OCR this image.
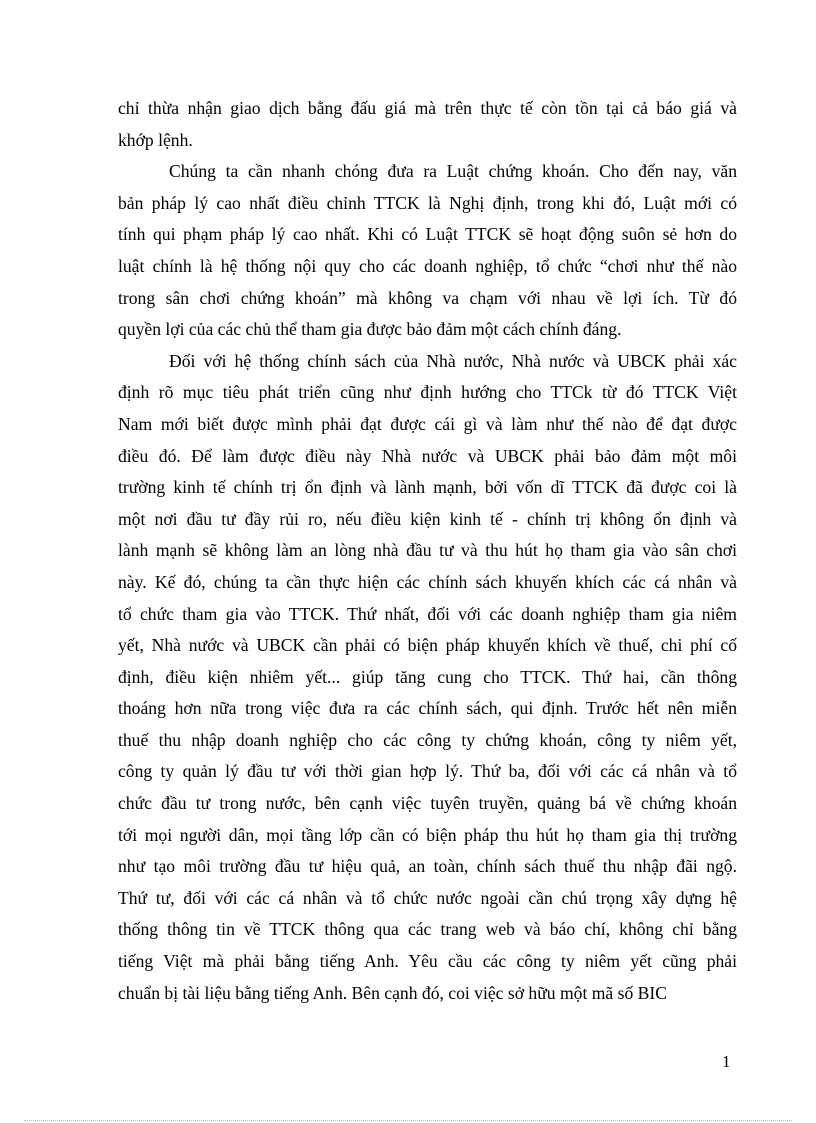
chỉ thừa nhận giao dịch bằng đấu giá mà trên thực tế còn tồn tại cả báo giá và
khớp lệnh.
Chúng ta cần nhanh chóng đưa ra Luật chứng khoán. Cho đến nay, văn
bản pháp lý cao nhất điều chỉnh TTCK là Nghị định, trong khi đó, Luật mới có
tính qui phạm pháp lý cao nhất. Khi có Luật TTCK sẽ hoạt động suôn sẻ hơn do
luật chính là hệ thống nội quy cho các doanh nghiệp, tổ chức “chơi như thế nào
trong sân chơi chứng khoán” mà không va chạm với nhau về lợi ích. Từ đó
quyền lợi của các chủ thể tham gia được bảo đảm một cách chính đáng.
Đối với hệ thống chính sách của Nhà nước, Nhà nước và UBCK phải xác
định rõ mục tiêu phát triển cũng như định hướng cho TTCk từ đó TTCK Việt
Nam mới biết được mình phải đạt được cái gì và làm như thế nào để đạt được
điều đó. Để làm được điều này Nhà nước và UBCK phải bảo đảm một môi
trường kinh tế chính trị ổn định và lành mạnh, bởi vốn dĩ TTCK đã được coi là
một nơi đầu tư đầy rủi ro, nếu điều kiện kinh tế - chính trị không ổn định và
lành mạnh sẽ không làm an lòng nhà đầu tư và thu hút họ tham gia vào sân chơi
này. Kế đó, chúng ta cần thực hiện các chính sách khuyến khích các cá nhân và
tổ chức tham gia vào TTCK. Thứ nhất, đối với các doanh nghiệp tham gia niêm
yết, Nhà nước và UBCK cần phải có biện pháp khuyến khích về thuế, chi phí cố
định, điều kiện nhiêm yết... giúp tăng cung cho TTCK. Thứ hai, cần thông
thoáng hơn nữa trong việc đưa ra các chính sách, qui định. Trước hết nên miễn
thuế thu nhập doanh nghiệp cho các công ty chứng khoán, công ty niêm yết,
công ty quản lý đầu tư với thời gian hợp lý. Thứ ba, đối với các cá nhân và tổ
chức đầu tư trong nước, bên cạnh việc tuyên truyền, quảng bá về chứng khoán
tới mọi người dân, mọi tầng lớp cần có biện pháp thu hút họ tham gia thị trường
như tạo môi trường đầu tư hiệu quả, an toàn, chính sách thuế thu nhập đãi ngộ.
Thứ tư, đối với các cá nhân và tổ chức nước ngoài cần chú trọng xây dựng hệ
thống thông tin về TTCK thông qua các trang web và báo chí, không chỉ bằng
tiếng Việt mà phải bằng tiếng Anh. Yêu cầu các công ty niêm yết cũng phải
chuẩn bị tài liệu bằng tiếng Anh. Bên cạnh đó, coi việc sở hữu một mã số BIC
1
